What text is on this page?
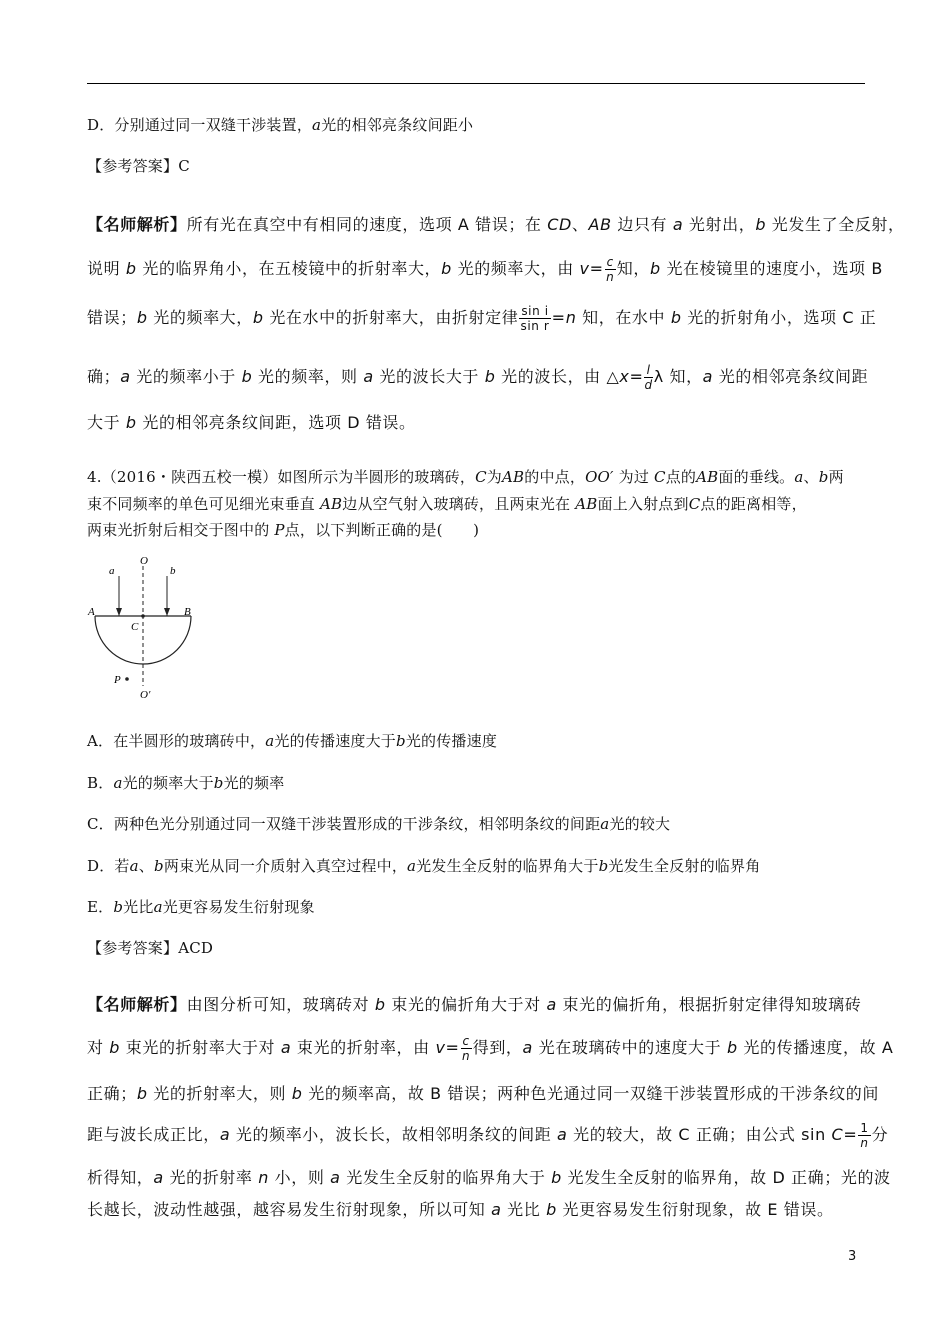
D．分别通过同一双缝干涉装置，a光的相邻亮条纹间距小
【参考答案】C
【名师解析】所有光在真空中有相同的速度，选项 A 错误；在 CD、AB 边只有 a 光射出，b 光发生了全反射，
说明 b 光的临界角小，在五棱镜中的折射率大，b 光的频率大，由 $v= \frac{c}{n}$ 知，b 光在棱镜里的速度小，选项 B
错误；b 光的频率大，b 光在水中的折射率大，由折射定律 $\frac{\text{sin i}}{\text{sin r}} =n$ 知，在水中 b 光的折射角小，选项 C 正
确；a 光的频率小于 b 光的频率，则 a 光的波长大于 b 光的波长，由 △x= $\frac{l}{d}$ λ 知，a 光的相邻亮条纹间距
大于 b 光的相邻亮条纹间距，选项 D 错误。
4.（2016・陕西五校一模）如图所示为半圆形的玻璃砖，C为AB的中点，OO′ 为过 C点的AB面的垂线。a、b两
束不同频率的单色可见细光束垂直 AB边从空气射入玻璃砖，且两束光在 AB面上入射点到C点的距离相等，
两束光折射后相交于图中的 P点，以下判断正确的是(　　)
a
O
b
A	B
C
P
O′
A．在半圆形的玻璃砖中，a光的传播速度大于b光的传播速度
B．a光的频率大于b光的频率
C．两种色光分别通过同一双缝干涉装置形成的干涉条纹，相邻明条纹的间距a光的较大
D．若a、b两束光从同一介质射入真空过程中，a光发生全反射的临界角大于b光发生全反射的临界角
E．b光比a光更容易发生衍射现象
【参考答案】ACD
【名师解析】由图分析可知，玻璃砖对 b 束光的偏折角大于对 a 束光的偏折角，根据折射定律得知玻璃砖
对 b 束光的折射率大于对 a 束光的折射率，由 $v= \frac{c}{n}$ 得到，a 光在玻璃砖中的速度大于 b 光的传播速度，故 A
正确；b 光的折射率大，则 b 光的频率高，故 B 错误；两种色光通过同一双缝干涉装置形成的干涉条纹的间
距与波长成正比，a 光的频率小，波长长，故相邻明条纹的间距 a 光的较大，故 C 正确；由公式 $\sin C= \frac{1}{n}$ 分
析得知，a 光的折射率 n 小，则 a 光发生全反射的临界角大于 b 光发生全反射的临界角，故 D 正确；光的波
长越长，波动性越强，越容易发生衍射现象，所以可知 a 光比 b 光更容易发生衍射现象，故 E 错误。
3
